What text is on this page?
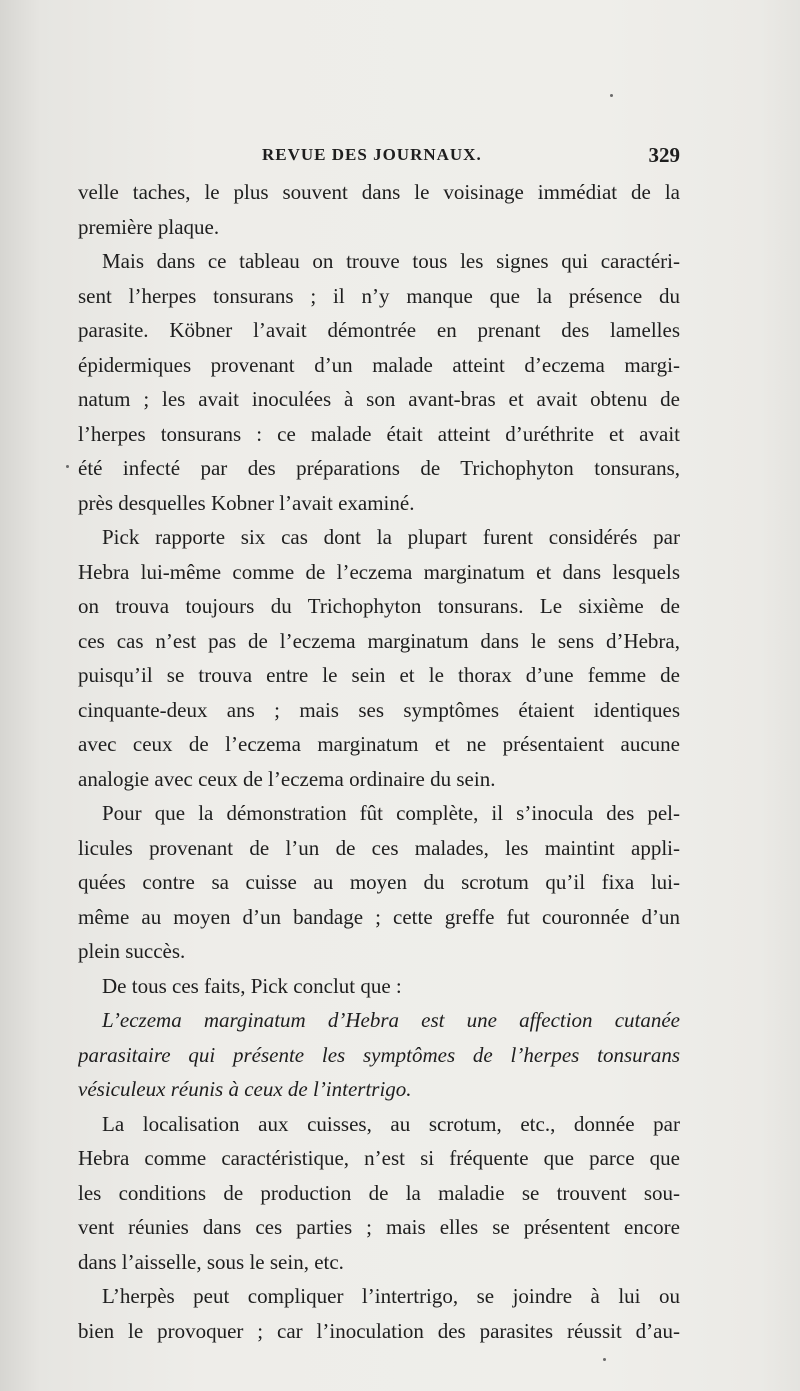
REVUE DES JOURNAUX.	329
velle taches, le plus souvent dans le voisinage immédiat de la
première plaque.
Mais dans ce tableau on trouve tous les signes qui caractéri-
sent l’herpes tonsurans ; il n’y manque que la présence du
parasite. Köbner l’avait démontrée en prenant des lamelles
épidermiques provenant d’un malade atteint d’eczema margi-
natum ; les avait inoculées à son avant-bras et avait obtenu de
l’herpes tonsurans : ce malade était atteint d’uréthrite et avait
été infecté par des préparations de Trichophyton tonsurans,
près desquelles Kobner l’avait examiné.
Pick rapporte six cas dont la plupart furent considérés par
Hebra lui-même comme de l’eczema marginatum et dans lesquels
on trouva toujours du Trichophyton tonsurans. Le sixième de
ces cas n’est pas de l’eczema marginatum dans le sens d’Hebra,
puisqu’il se trouva entre le sein et le thorax d’une femme de
cinquante-deux ans ; mais ses symptômes étaient identiques
avec ceux de l’eczema marginatum et ne présentaient aucune
analogie avec ceux de l’eczema ordinaire du sein.
Pour que la démonstration fût complète, il s’inocula des pel-
licules provenant de l’un de ces malades, les maintint appli-
quées contre sa cuisse au moyen du scrotum qu’il fixa lui-
même au moyen d’un bandage ; cette greffe fut couronnée d’un
plein succès.
De tous ces faits, Pick conclut que :
L’eczema marginatum d’Hebra est une affection cutanée
parasitaire qui présente les symptômes de l’herpes tonsurans
vésiculeux réunis à ceux de l’intertrigo.
La localisation aux cuisses, au scrotum, etc., donnée par
Hebra comme caractéristique, n’est si fréquente que parce que
les conditions de production de la maladie se trouvent sou-
vent réunies dans ces parties ; mais elles se présentent encore
dans l’aisselle, sous le sein, etc.
L’herpès peut compliquer l’intertrigo, se joindre à lui ou
bien le provoquer ; car l’inoculation des parasites réussit d’au-
